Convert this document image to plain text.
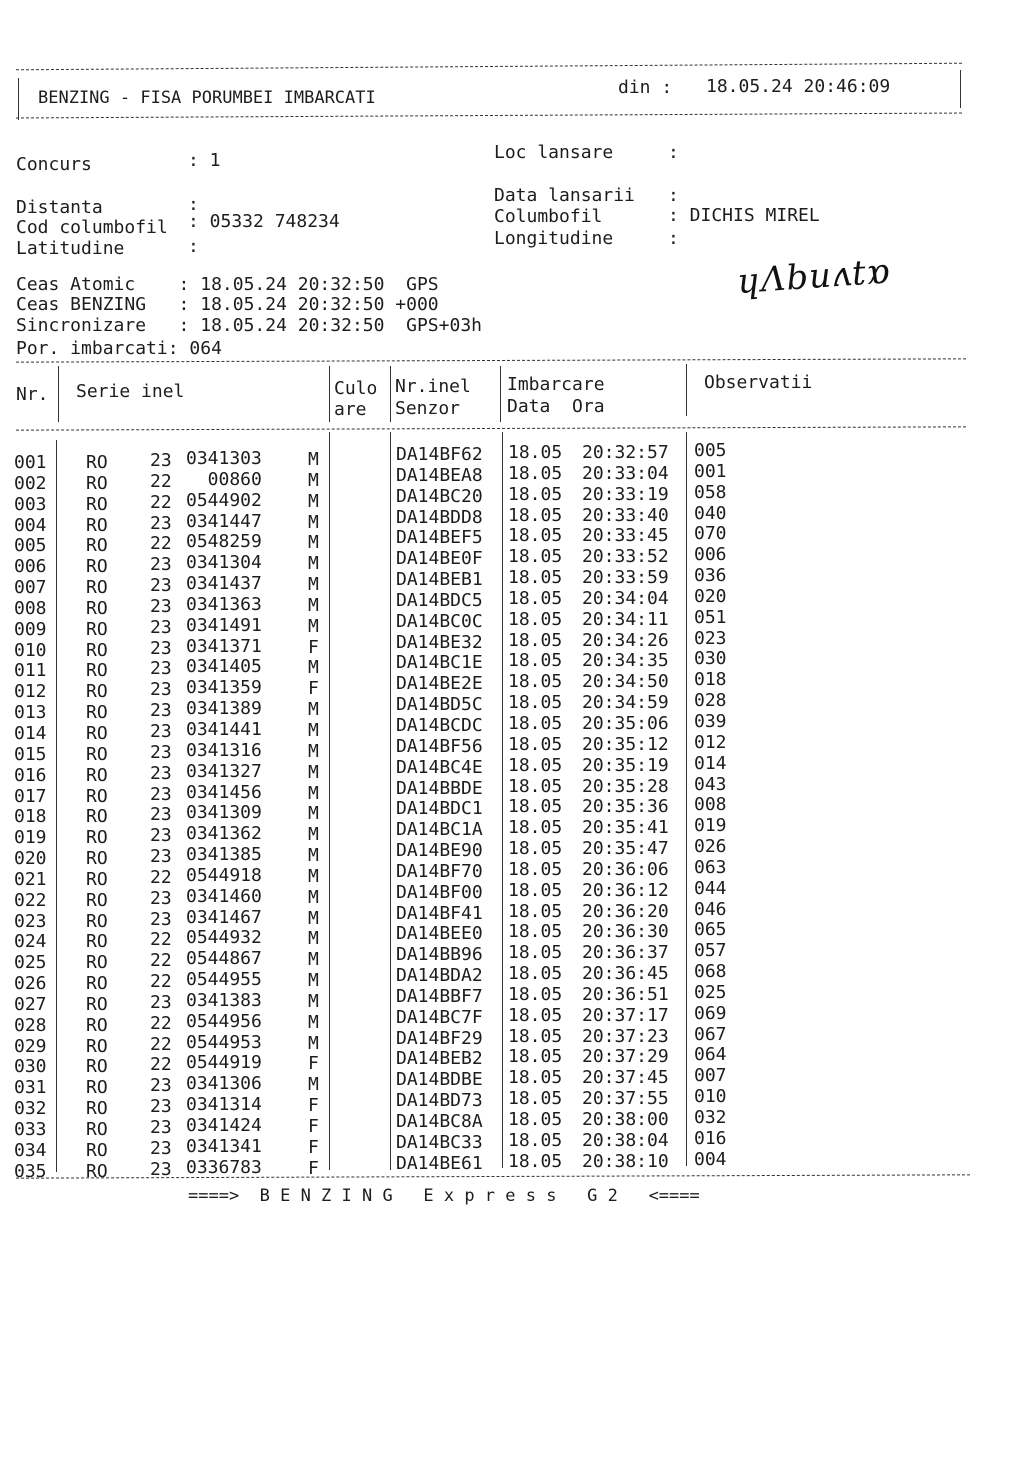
BENZING - FISA PORUMBEI IMBARCATI	din : 18.05.24 20:46:09
Concurs	: 1
Distanta	:
Cod columbofil : 05332 748234
Latitudine	:
Loc lansare	:
Data lansarii :
Columbofil	: DICHIS MIREL
Longitudine	:
Ceas Atomic    : 18.05.24 20:32:50  GPS
Ceas BENZING   : 18.05.24 20:32:50 +000
Sincronizare   : 18.05.24 20:32:50  GPS+03h
Por. imbarcati: 064
ɥΛbuʌtɒ
Nr. Serie inel	Culo
are
Nr.inel
Senzor
Imbarcare
Data  Ora
Observatii
001 RO 23 0341303	M	DA14BF62 18.05 20:32:57 005
002 RO 22 00860	M	DA14BEA8 18.05 20:33:04 001
003 RO 22 0544902	M	DA14BC20 18.05 20:33:19 058
004 RO 23 0341447	M	DA14BDD8 18.05 20:33:40 040
005 RO 22 0548259	M	DA14BEF5 18.05 20:33:45 070
006 RO 23 0341304	M	DA14BE0F 18.05 20:33:52 006
007 RO 23 0341437	M	DA14BEB1 18.05 20:33:59 036
008 RO 23 0341363	M	DA14BDC5 18.05 20:34:04 020
009 RO 23 0341491	M	DA14BC0C 18.05 20:34:11 051
010 RO 23 0341371	F	DA14BE32 18.05 20:34:26 023
011 RO 23 0341405	M	DA14BC1E 18.05 20:34:35 030
012 RO 23 0341359	F	DA14BE2E 18.05 20:34:50 018
013 RO 23 0341389	M	DA14BD5C 18.05 20:34:59 028
014 RO 23 0341441	M	DA14BCDC 18.05 20:35:06 039
015 RO 23 0341316	M	DA14BF56 18.05 20:35:12 012
016 RO 23 0341327	M	DA14BC4E 18.05 20:35:19 014
017 RO 23 0341456	M	DA14BBDE 18.05 20:35:28 043
018 RO 23 0341309	M	DA14BDC1 18.05 20:35:36 008
019 RO 23 0341362	M	DA14BC1A 18.05 20:35:41 019
020 RO 23 0341385	M	DA14BE90 18.05 20:35:47 026
021 RO 22 0544918	M	DA14BF70 18.05 20:36:06 063
022 RO 23 0341460	M	DA14BF00 18.05 20:36:12 044
023 RO 23 0341467	M	DA14BF41 18.05 20:36:20 046
024 RO 22 0544932	M	DA14BEE0 18.05 20:36:30 065
025 RO 22 0544867	M	DA14BB96 18.05 20:36:37 057
026 RO 22 0544955	M	DA14BDA2 18.05 20:36:45 068
027 RO 23 0341383	M	DA14BBF7 18.05 20:36:51 025
028 RO 22 0544956	M	DA14BC7F 18.05 20:37:17 069
029 RO 22 0544953	M	DA14BF29 18.05 20:37:23 067
030 RO 22 0544919	F	DA14BEB2 18.05 20:37:29 064
031 RO 23 0341306	M	DA14BDBE 18.05 20:37:45 007
032 RO 23 0341314	F	DA14BD73 18.05 20:37:55 010
033 RO 23 0341424	F	DA14BC8A 18.05 20:38:00 032
034 RO 23 0341341	F	DA14BC33 18.05 20:38:04 016
035 RO 23 0336783	F	DA14BE61 18.05 20:38:10 004
====>  B E N Z I N G   E x p r e s s   G 2   <====
